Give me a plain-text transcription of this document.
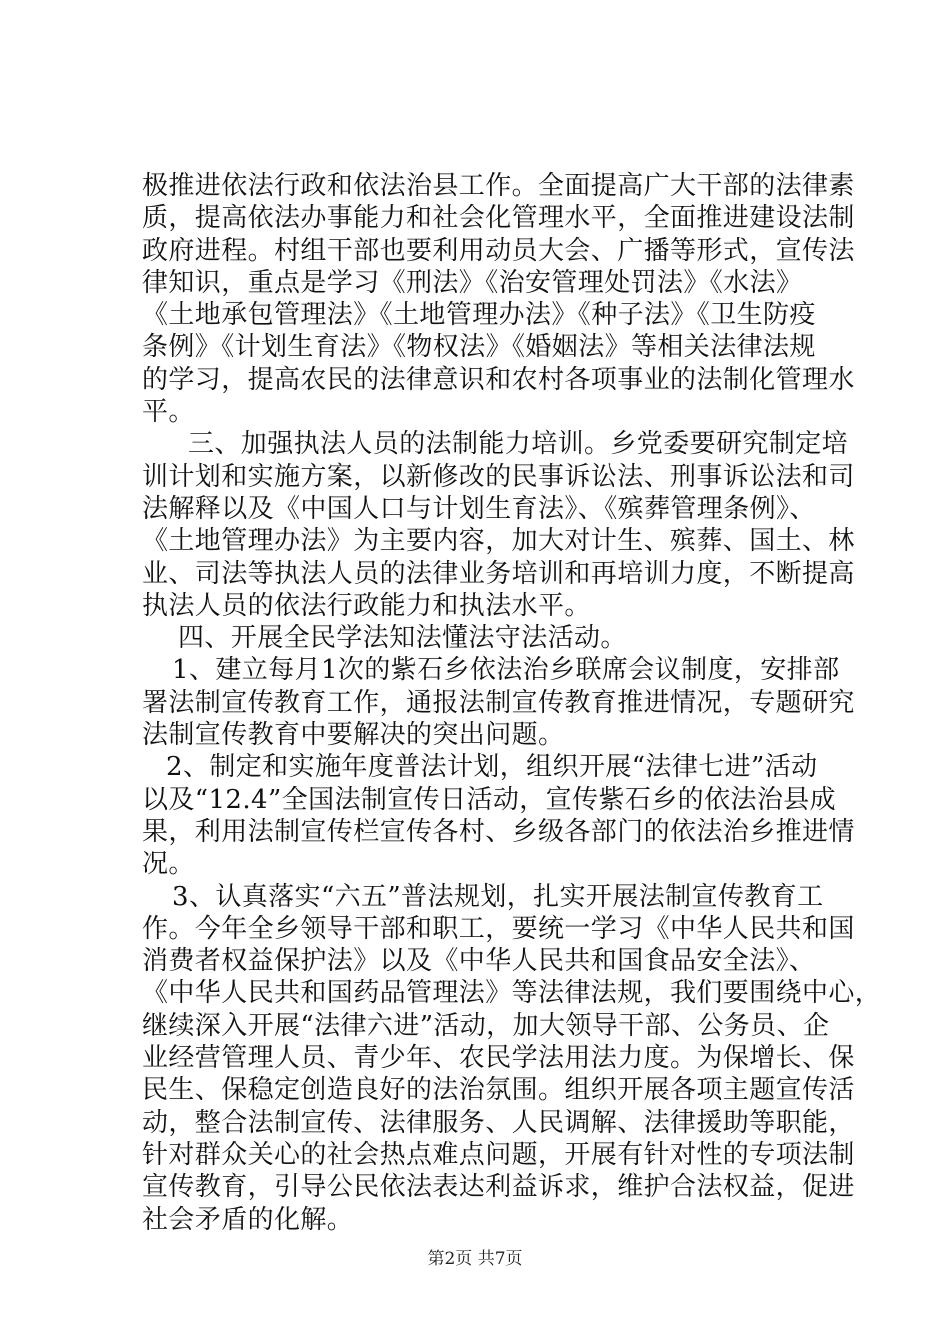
极推进依法行政和依法治县工作。全面提高广大干部的法律素
质，提高依法办事能力和社会化管理水平，全面推进建设法制
政府进程。村组干部也要利用动员大会、广播等形式，宣传法
律知识，重点是学习《刑法》《治安管理处罚法》《水法》
《土地承包管理法》《土地管理办法》《种子法》《卫生防疫
条例》《计划生育法》《物权法》《婚姻法》等相关法律法规
的学习，提高农民的法律意识和农村各项事业的法制化管理水
平。
三、加强执法人员的法制能力培训。乡党委要研究制定培
训计划和实施方案，以新修改的民事诉讼法、刑事诉讼法和司
法解释以及《中国人口与计划生育法》、《殡葬管理条例》、
《土地管理办法》为主要内容，加大对计生、殡葬、国土、林
业、司法等执法人员的法律业务培训和再培训力度，不断提高
执法人员的依法行政能力和执法水平。
四、开展全民学法知法懂法守法活动。
1、建立每月1次的紫石乡依法治乡联席会议制度，安排部
署法制宣传教育工作，通报法制宣传教育推进情况，专题研究
法制宣传教育中要解决的突出问题。
2、制定和实施年度普法计划，组织开展“法律七进”活动
以及“12.4”全国法制宣传日活动，宣传紫石乡的依法治县成
果，利用法制宣传栏宣传各村、乡级各部门的依法治乡推进情
况。
3、认真落实“六五”普法规划，扎实开展法制宣传教育工
作。今年全乡领导干部和职工，要统一学习《中华人民共和国
消费者权益保护法》以及《中华人民共和国食品安全法》、
《中华人民共和国药品管理法》等法律法规，我们要围绕中心，
继续深入开展“法律六进”活动，加大领导干部、公务员、企
业经营管理人员、青少年、农民学法用法力度。为保增长、保
民生、保稳定创造良好的法治氛围。组织开展各项主题宣传活
动，整合法制宣传、法律服务、人民调解、法律援助等职能，
针对群众关心的社会热点难点问题，开展有针对性的专项法制
宣传教育，引导公民依法表达利益诉求，维护合法权益，促进
社会矛盾的化解。
第2页 共7页
